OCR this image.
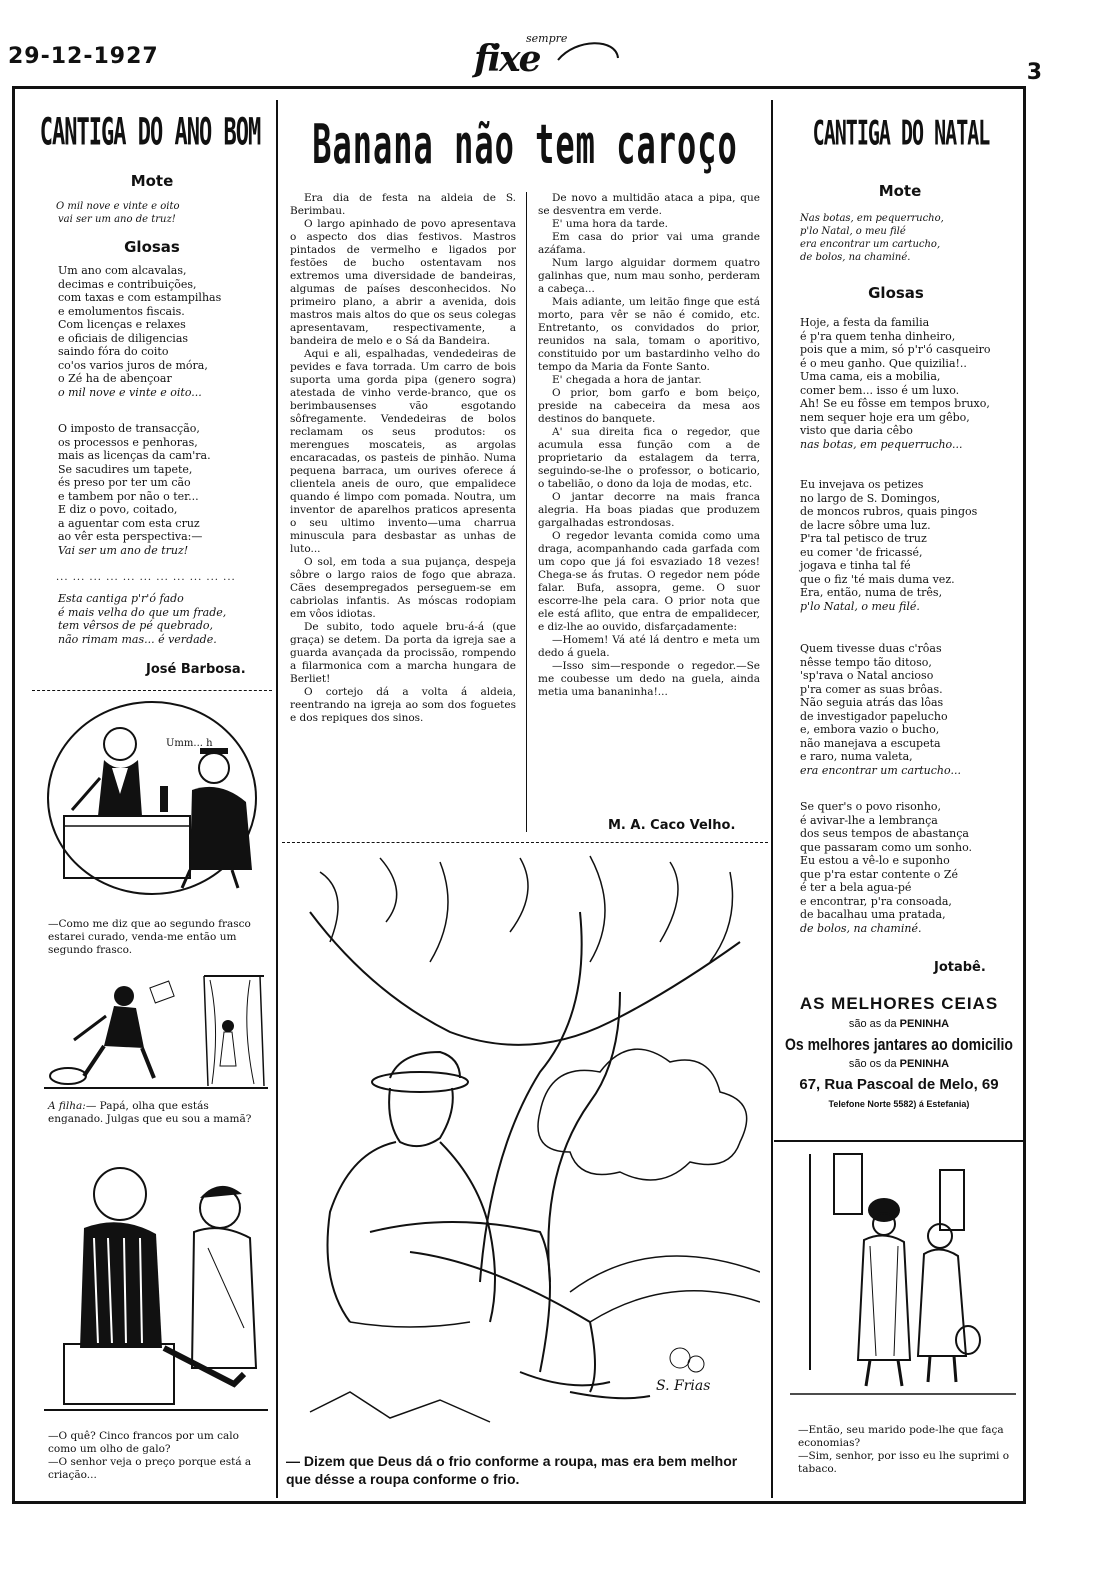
29-12-1927
sempre
fixe	3
CANTIGA DO ANO BOM
Mote

O mil nove e vinte e oito

vai ser um ano de truz!

Glosas

Um ano com alcavalas,

decimas e contribuições,

com taxas e com estampilhas

e emolumentos fiscais.

Com licenças e relaxes

e oficiais de diligencias

saindo fóra do coito

co'os varios juros de móra,

o Zé ha de abençoar

o mil nove e vinte e oito...

O imposto de transacção,

os processos e penhoras,

mais as licenças da cam'ra.

Se sacudires um tapete,

és preso por ter um cão

e tambem por não o ter...

E diz o povo, coitado,

a aguentar com esta cruz

ao vêr esta perspectiva:—

Vai ser um ano de truz!

... ... ... ... ... ... ... ... ... ... ...

Esta cantiga p'r'ó fado

é mais velha do que um frade,

tem vêrsos de pé quebrado,

não rimam mas... é verdade.

José Barbosa.
Umm... h
—Como me diz que ao segundo frasco estarei curado, venda-me então um segundo frasco.

A filha:— Papá, olha que estás enganado. Julgas que eu sou a mamã?

—O quê? Cinco francos por um calo como um olho de galo?

—O senhor veja o preço porque está a criação...

Banana não tem caroço

Era dia de festa na aldeia de S. Berimbau.

O largo apinhado de povo apresentava o aspecto dos dias festivos. Mastros pintados de vermelho e ligados por festões de bucho ostentavam nos extremos uma diversidade de bandeiras, algumas de países desconhecidos. No primeiro plano, a abrir a avenida, dois mastros mais altos do que os seus colegas apresentavam, respectivamente, a bandeira de melo e o Sá da Bandeira.

Aqui e ali, espalhadas, vendedeiras de pevides e fava torrada. Um carro de bois suporta uma gorda pipa (genero sogra) atestada de vinho verde-branco, que os berimbausenses vão esgotando sôfregamente. Vendedeiras de bolos reclamam os seus produtos: os merengues moscateis, as argolas encaracadas, os pasteis de pinhão. Numa pequena barraca, um ourives oferece á clientela aneis de ouro, que empalidece quando é limpo com pomada. Noutra, um inventor de aparelhos praticos apresenta o seu ultimo invento—uma charrua minuscula para desbastar as unhas de luto...

O sol, em toda a sua pujança, despeja sôbre o largo raios de fogo que abraza. Cães desempregados perseguem-se em cabriolas infantis. As móscas rodopiam em vôos idiotas.

De subito, todo aquele bru-á-á (que graça) se detem. Da porta da igreja sae a guarda avançada da procissão, rompendo a filarmonica com a marcha hungara de Berliet!

O cortejo dá a volta á aldeia, reentrando na igreja ao som dos foguetes e dos repiques dos sinos.

De novo a multidão ataca a pipa, que se desventra em verde.

E' uma hora da tarde.

Em casa do prior vai uma grande azáfama.

Num largo alguidar dormem quatro galinhas que, num mau sonho, perderam a cabeça...

Mais adiante, um leitão finge que está morto, para vêr se não é comido, etc. Entretanto, os convidados do prior, reunidos na sala, tomam o aporitivo, constituido por um bastardinho velho do tempo da Maria da Fonte Santo.

E' chegada a hora de jantar.

O prior, bom garfo e bom beiço, preside na cabeceira da mesa aos destinos do banquete.

A' sua direita fica o regedor, que acumula essa função com a de proprietario da estalagem da terra, seguindo-se-lhe o professor, o boticario, o tabelião, o dono da loja de modas, etc.

O jantar decorre na mais franca alegria. Ha boas piadas que produzem gargalhadas estrondosas.

O regedor levanta comida como uma draga, acompanhando cada garfada com um copo que já foi esvaziado 18 vezes! Chega-se ás frutas. O regedor nem póde falar. Bufa, assopra, geme. O suor escorre-lhe pela cara. O prior nota que ele está aflito, que entra de empalidecer, e diz-lhe ao ouvido, disfarçadamente:

—Homem! Vá até lá dentro e meta um dedo á guela.

—Isso sim—responde o regedor.—Se me coubesse um dedo na guela, ainda metia uma bananinha!...

M. A. Caco Velho.
S. Frias
— Dizem que Deus dá o frio conforme a roupa, mas era bem melhor que désse a roupa conforme o frio.
CANTIGA DO NATAL
Mote

Nas botas, em pequerrucho,

p'lo Natal, o meu filé

era encontrar um cartucho,

de bolos, na chaminé.

Glosas

Hoje, a festa da familia

é p'ra quem tenha dinheiro,

pois que a mim, só p'r'ó casqueiro

é o meu ganho. Que quizilia!..

Uma cama, eis a mobilia,

comer bem... isso é um luxo.

Ah! Se eu fôsse em tempos bruxo,

nem sequer hoje era um gêbo,

visto que daria cêbo

nas botas, em pequerrucho...

Eu invejava os petizes

no largo de S. Domingos,

de moncos rubros, quais pingos

de lacre sôbre uma luz.

P'ra tal petisco de truz

eu comer 'de fricassé,

jogava e tinha tal fé

que o fiz 'té mais duma vez.

Era, então, numa de três,

p'lo Natal, o meu filé.

Quem tivesse duas c'rôas

nêsse tempo tão ditoso,

'sp'rava o Natal ancioso

p'ra comer as suas brôas.

Não seguia atrás das lôas

de investigador papelucho

e, embora vazio o bucho,

não manejava a escupeta

e raro, numa valeta,

era encontrar um cartucho...

Se quer's o povo risonho,

é avivar-lhe a lembrança

dos seus tempos de abastança

que passaram como um sonho.

Eu estou a vê-lo e suponho

que p'ra estar contente o Zé

é ter a bela agua-pé

e encontrar, p'ra consoada,

de bacalhau uma pratada,

de bolos, na chaminé.

Jotabê.
AS MELHORES CEIAS
são as da PENINHA
Os melhores jantares ao domicilio
são os da PENINHA
67, Rua Pascoal de Melo, 69
Telefone Norte 5582) á Estefania)

—Então, seu marido pode-lhe que faça economias?

—Sim, senhor, por isso eu lhe suprimi o tabaco.
